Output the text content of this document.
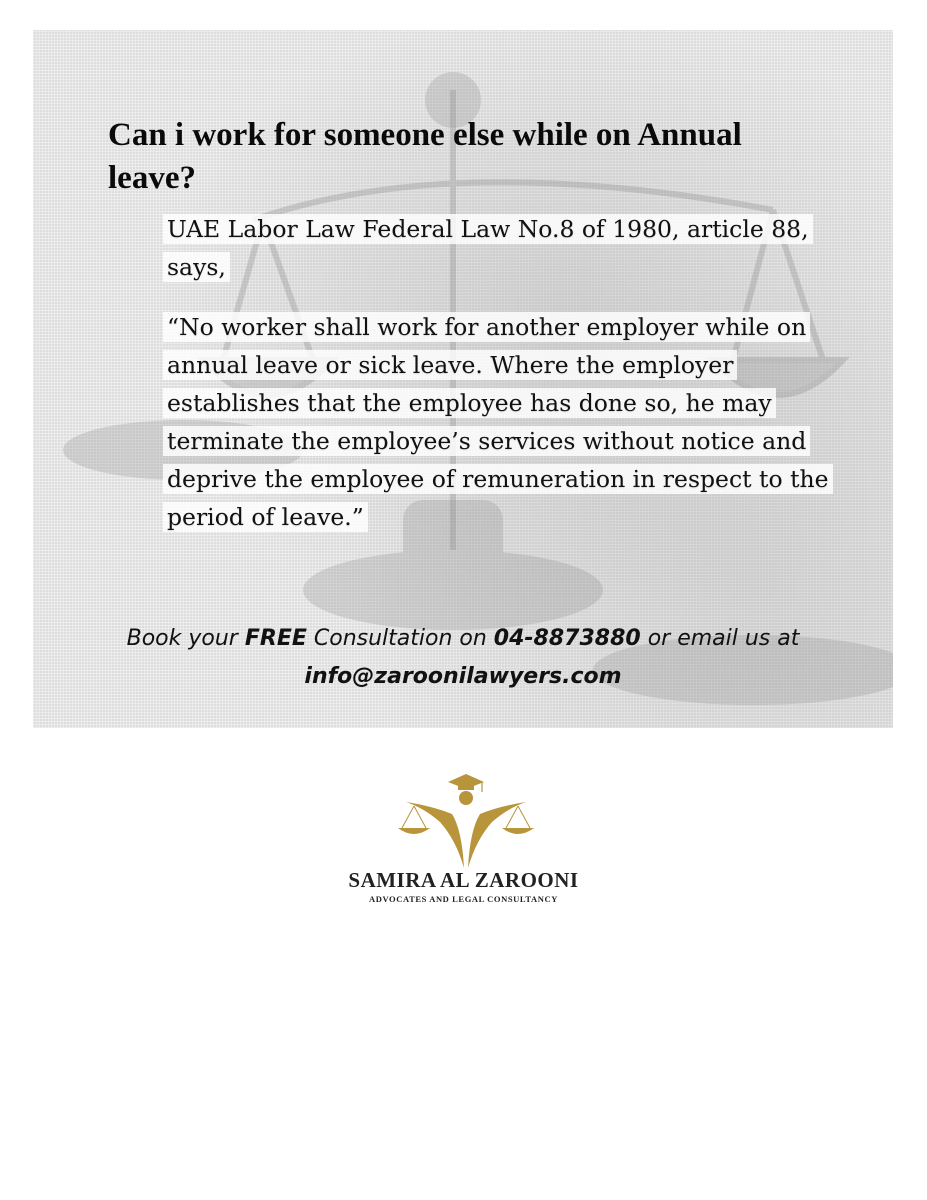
Can i work for someone else while on Annual leave?

UAE Labor Law Federal Law No.8 of 1980, article 88, says,

“No worker shall work for another employer while on annual leave or sick leave. Where the employer establishes that the employee has done so, he may terminate the employee’s services without notice and deprive the employee of remuneration in respect to the period of leave.”

Book your FREE Consultation on 04-8873880 or email us at info@zaroonilawyers.com

SAMIRA AL ZAROONI

ADVOCATES AND LEGAL CONSULTANCY
